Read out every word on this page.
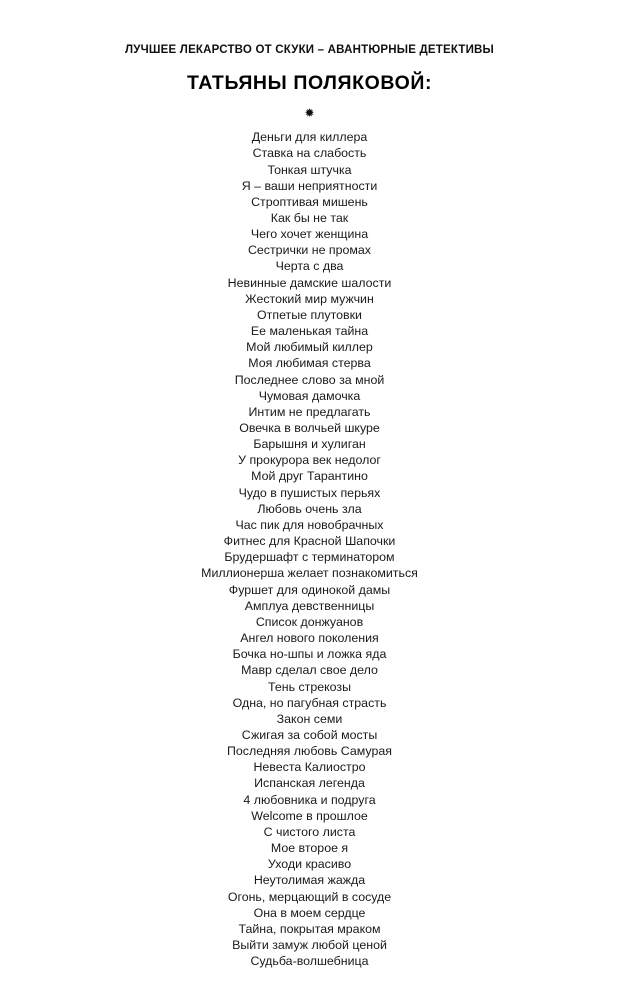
ЛУЧШЕЕ ЛЕКАРСТВО ОТ СКУКИ – АВАНТЮРНЫЕ ДЕТЕКТИВЫ
ТАТЬЯНЫ ПОЛЯКОВОЙ:
✹
Деньги для киллера
Ставка на слабость
Тонкая штучка
Я – ваши неприятности
Строптивая мишень
Как бы не так
Чего хочет женщина
Сестрички не промах
Черта с два
Невинные дамские шалости
Жестокий мир мужчин
Отпетые плутовки
Ее маленькая тайна
Мой любимый киллер
Моя любимая стерва
Последнее слово за мной
Чумовая дамочка
Интим не предлагать
Овечка в волчьей шкуре
Барышня и хулиган
У прокурора век недолог
Мой друг Тарантино
Чудо в пушистых перьях
Любовь очень зла
Час пик для новобрачных
Фитнес для Красной Шапочки
Брудершафт с терминатором
Миллионерша желает познакомиться
Фуршет для одинокой дамы
Амплуа девственницы
Список донжуанов
Ангел нового поколения
Бочка но-шпы и ложка яда
Мавр сделал свое дело
Тень стрекозы
Одна, но пагубная страсть
Закон семи
Сжигая за собой мосты
Последняя любовь Самурая
Невеста Калиостро
Испанская легенда
4 любовника и подруга
Welcome в прошлое
С чистого листа
Мое второе я
Уходи красиво
Неутолимая жажда
Огонь, мерцающий в сосуде
Она в моем сердце
Тайна, покрытая мраком
Выйти замуж любой ценой
Судьба-волшебница
